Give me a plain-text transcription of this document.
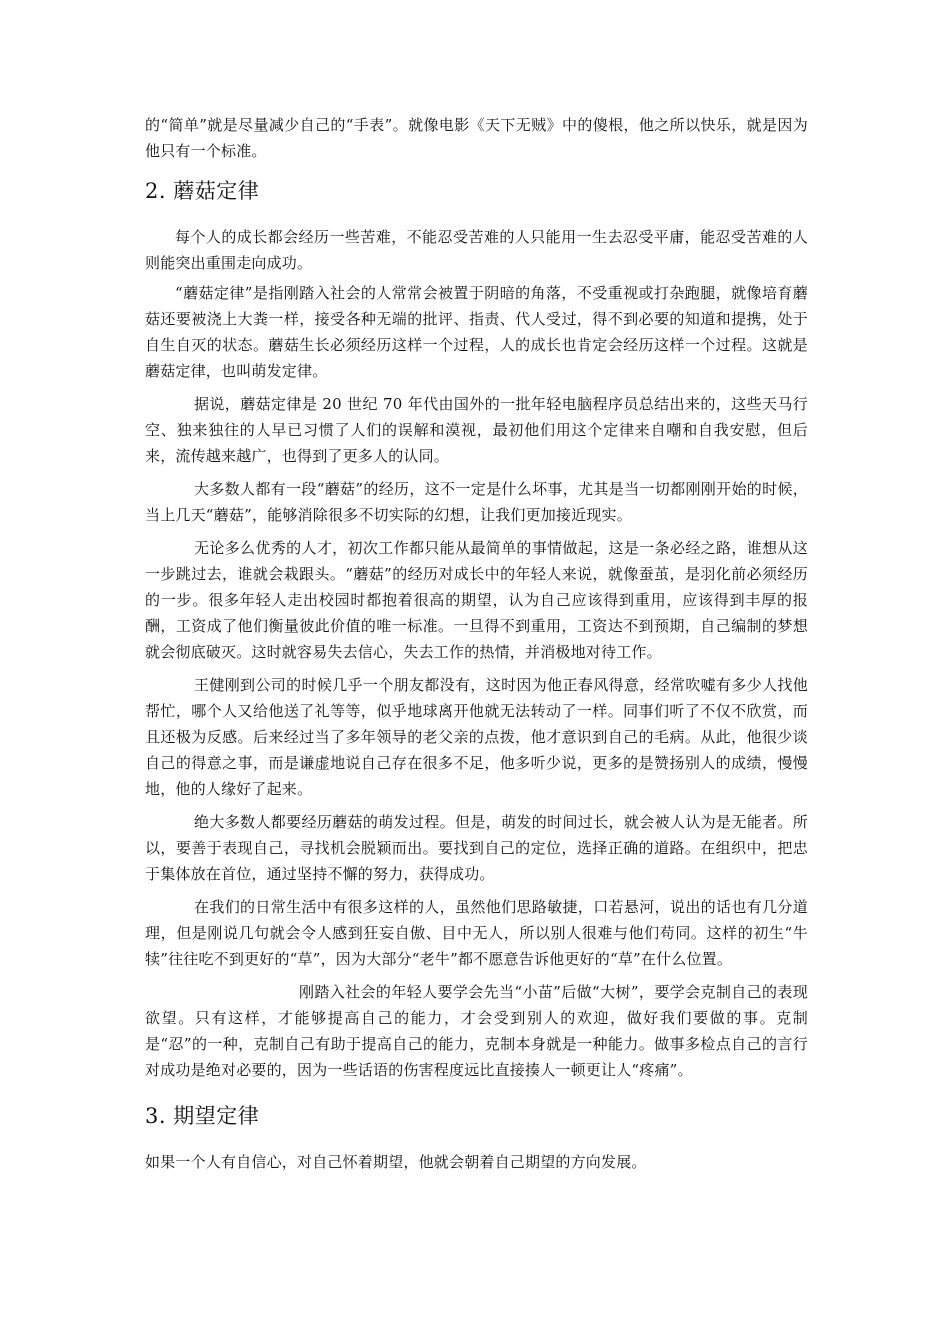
的“简单”就是尽量减少自己的“手表”。就像电影《天下无贼》中的傻根，他之所以快乐，就是因为他只有一个标准。

2. 蘑菇定律

每个人的成长都会经历一些苦难，不能忍受苦难的人只能用一生去忍受平庸，能忍受苦难的人则能突出重围走向成功。

“蘑菇定律”是指刚踏入社会的人常常会被置于阴暗的角落，不受重视或打杂跑腿，就像培育蘑菇还要被浇上大粪一样，接受各种无端的批评、指责、代人受过，得不到必要的知道和提携，处于自生自灭的状态。蘑菇生长必须经历这样一个过程，人的成长也肯定会经历这样一个过程。这就是蘑菇定律，也叫萌发定律。

据说，蘑菇定律是 20 世纪 70 年代由国外的一批年轻电脑程序员总结出来的，这些天马行空、独来独往的人早已习惯了人们的误解和漠视，最初他们用这个定律来自嘲和自我安慰，但后来，流传越来越广，也得到了更多人的认同。

大多数人都有一段“蘑菇”的经历，这不一定是什么坏事，尤其是当一切都刚刚开始的时候，当上几天“蘑菇”，能够消除很多不切实际的幻想，让我们更加接近现实。

无论多么优秀的人才，初次工作都只能从最简单的事情做起，这是一条必经之路，谁想从这一步跳过去，谁就会栽跟头。“蘑菇”的经历对成长中的年轻人来说，就像蚕茧，是羽化前必须经历的一步。很多年轻人走出校园时都抱着很高的期望，认为自己应该得到重用，应该得到丰厚的报酬，工资成了他们衡量彼此价值的唯一标准。一旦得不到重用，工资达不到预期，自己编制的梦想就会彻底破灭。这时就容易失去信心，失去工作的热情，并消极地对待工作。

王健刚到公司的时候几乎一个朋友都没有，这时因为他正春风得意，经常吹嘘有多少人找他帮忙，哪个人又给他送了礼等等，似乎地球离开他就无法转动了一样。同事们听了不仅不欣赏，而且还极为反感。后来经过当了多年领导的老父亲的点拨，他才意识到自己的毛病。从此，他很少谈自己的得意之事，而是谦虚地说自己存在很多不足，他多听少说，更多的是赞扬别人的成绩，慢慢地，他的人缘好了起来。

绝大多数人都要经历蘑菇的萌发过程。但是，萌发的时间过长，就会被人认为是无能者。所以，要善于表现自己，寻找机会脱颖而出。要找到自己的定位，选择正确的道路。在组织中，把忠于集体放在首位，通过坚持不懈的努力，获得成功。

在我们的日常生活中有很多这样的人，虽然他们思路敏捷，口若悬河，说出的话也有几分道理，但是刚说几句就会令人感到狂妄自傲、目中无人，所以别人很难与他们苟同。这样的初生“牛犊”往往吃不到更好的“草”，因为大部分“老牛”都不愿意告诉他更好的“草”在什么位置。

刚踏入社会的年轻人要学会先当“小苗”后做“大树”，要学会克制自己的表现欲望。只有这样，才能够提高自己的能力，才会受到别人的欢迎，做好我们要做的事。克制是“忍”的一种，克制自己有助于提高自己的能力，克制本身就是一种能力。做事多检点自己的言行对成功是绝对必要的，因为一些话语的伤害程度远比直接揍人一顿更让人“疼痛”。

3. 期望定律

如果一个人有自信心，对自己怀着期望，他就会朝着自己期望的方向发展。
